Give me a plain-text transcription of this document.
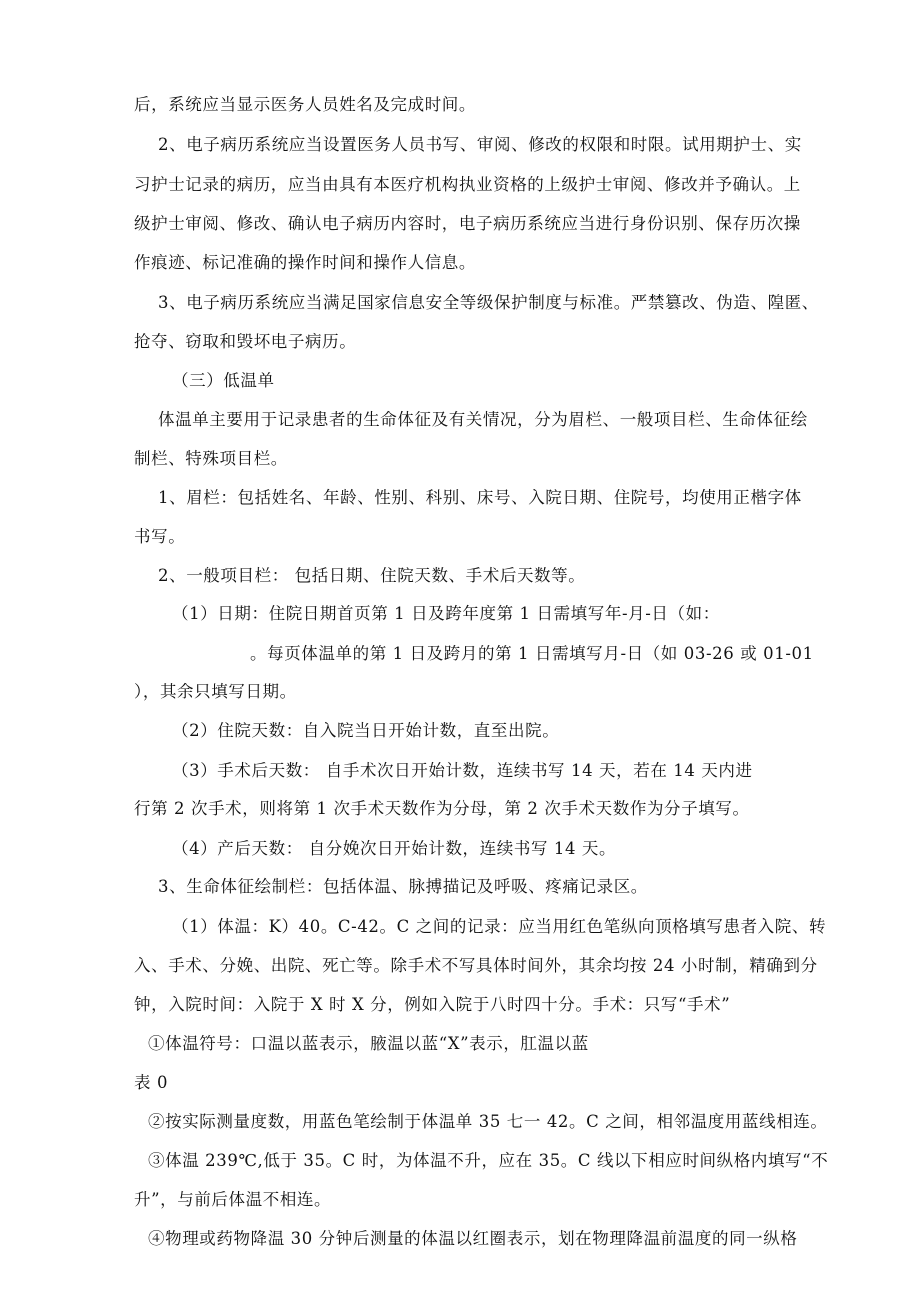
后，系统应当显示医务人员姓名及完成时间。
2、电子病历系统应当设置医务人员书写、审阅、修改的权限和时限。试用期护士、实
习护士记录的病历，应当由具有本医疗机构执业资格的上级护士审阅、修改并予确认。上
级护士审阅、修改、确认电子病历内容时，电子病历系统应当进行身份识别、保存历次操
作痕迹、标记准确的操作时间和操作人信息。
3、电子病历系统应当满足国家信息安全等级保护制度与标准。严禁篡改、伪造、隍匿、
抢夺、窃取和毁坏电子病历。
（三）低温单
体温单主要用于记录患者的生命体征及有关情况，分为眉栏、一般项目栏、生命体征绘
制栏、特殊项目栏。
1、眉栏：包括姓名、年龄、性别、科别、床号、入院日期、住院号，均使用正楷字体
书写。
2、一般项目栏： 包括日期、住院天数、手术后天数等。
（1）日期：住院日期首页第 1 日及跨年度第 1 日需填写年-月-日（如：
。每页体温单的第 1 日及跨月的第 1 日需填写月-日（如 03-26 或 01-01
），其余只填写日期。
（2）住院天数：自入院当日开始计数，直至出院。
（3）手术后天数： 自手术次日开始计数，连续书写 14 天，若在 14 天内进
行第 2 次手术，则将第 1 次手术天数作为分母，第 2 次手术天数作为分子填写。
（4）产后天数： 自分娩次日开始计数，连续书写 14 天。
3、生命体征绘制栏：包括体温、脉搏描记及呼吸、疼痛记录区。
（1）体温：K）40。C-42。C 之间的记录：应当用红色笔纵向顶格填写患者入院、转
入、手术、分娩、出院、死亡等。除手术不写具体时间外，其余均按 24 小时制，精确到分
钟，入院时间：入院于 X 时 X 分，例如入院于八时四十分。手术：只写“手术”
①体温符号：口温以蓝表示，腋温以蓝“X”表示，肛温以蓝
表 0
②按实际测量度数，用蓝色笔绘制于体温单 35 七一 42。C 之间，相邻温度用蓝线相连。
③体温 239℃,低于 35。C 时，为体温不升，应在 35。C 线以下相应时间纵格内填写“不
升”，与前后体温不相连。
④物理或药物降温 30 分钟后测量的体温以红圈表示，划在物理降温前温度的同一纵格
